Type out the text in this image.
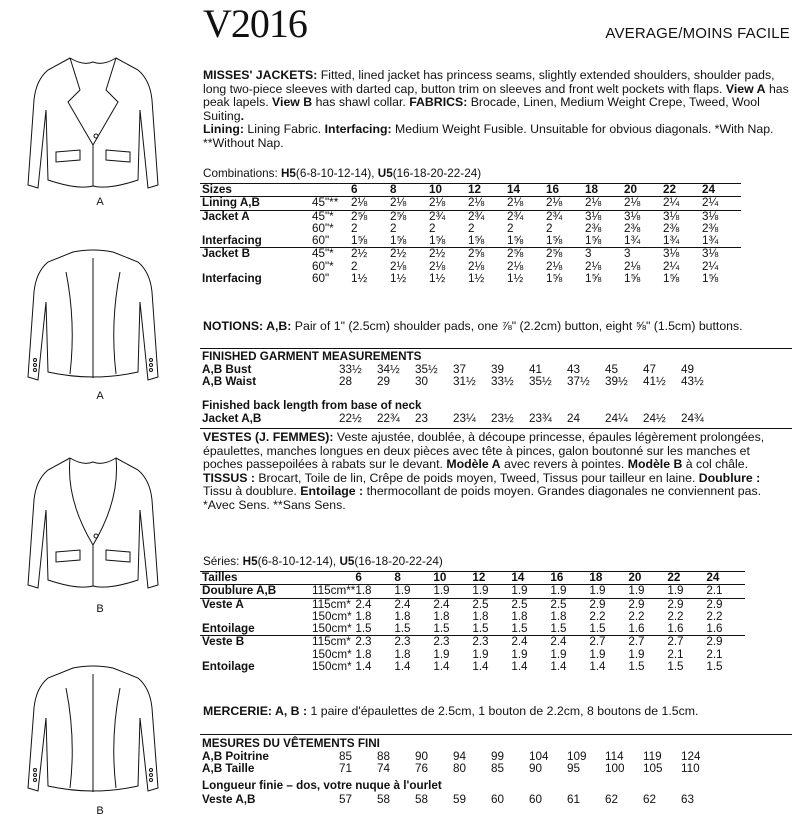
A
A
B
B
V2016	AVERAGE/MOINS FACILE
MISSES' JACKETS: Fitted, lined jacket has princess seams, slightly extended shoulders, shoulder pads, long two-piece sleeves with darted cap, button trim on sleeves and front welt pockets with flaps. View A has peak lapels. View B has shawl collar. FABRICS: Brocade, Linen, Medium Weight Crepe, Tweed, Wool Suiting.
Lining: Lining Fabric. Interfacing: Medium Weight Fusible. Unsuitable for obvious diagonals. *With Nap. **Without Nap.
Combinations: H5(6-8-10-12-14), U5(16-18-20-22-24)
Sizes		6	8	10	12	14	16	18	20	22	24
Lining A,B	45"**	2⅛	2⅛	2⅛	2⅛	2⅛	2⅛	2⅛	2⅛	2¼	2¼
Jacket A	45"*	2⅝	2⅝	2¾	2¾	2¾	2¾	3⅛	3⅛	3⅛	3⅛
	60"*	2	2	2	2	2	2	2⅜	2⅜	2⅜	2⅜
Interfacing	60"	1⅝	1⅝	1⅝	1⅝	1⅝	1⅝	1⅝	1¾	1¾	1¾
Jacket B	45"*	2½	2½	2½	2⅝	2⅝	2⅝	3	3	3⅛	3⅛
	60"*	2	2⅛	2⅛	2⅛	2⅛	2⅛	2⅛	2⅛	2¼	2¼
Interfacing	60"	1½	1½	1½	1½	1½	1⅝	1⅝	1⅝	1⅝	1⅝
NOTIONS: A,B: Pair of 1" (2.5cm) shoulder pads, one ⅞" (2.2cm) button, eight ⅝" (1.5cm) buttons.
FINISHED GARMENT MEASUREMENTS
A,B Bust	33½	34½	35½	37	39	41	43	45	47	49
A,B Waist	28	29	30	31½	33½	35½	37½	39½	41½	43½
Finished back length from base of neck
Jacket A,B	22½	22¾	23	23¼	23½	23¾	24	24¼	24½	24¾
VESTES (J. FEMMES): Veste ajustée, doublée, à découpe princesse, épaules légèrement prolongées, épaulettes, manches longues en deux pièces avec tête à pinces, galon boutonné sur les manches et poches passepoilées à rabats sur le devant. Modèle A avec revers à pointes. Modèle B à col châle. TISSUS : Brocart, Toile de lin, Crêpe de poids moyen, Tweed, Tissus pour tailleur en laine. Doublure : Tissu à doublure. Entoilage : thermocollant de poids moyen. Grandes diagonales ne conviennent pas. *Avec Sens. **Sans Sens.
Séries: H5(6-8-10-12-14), U5(16-18-20-22-24)
Tailles		6	8	10	12	14	16	18	20	22	24
Doublure A,B	115cm**	1.8	1.9	1.9	1.9	1.9	1.9	1.9	1.9	1.9	2.1
Veste A	115cm*	2.4	2.4	2.4	2.5	2.5	2.5	2.9	2.9	2.9	2.9
	150cm*	1.8	1.8	1.8	1.8	1.8	1.8	2.2	2.2	2.2	2.2
Entoilage	150cm*	1.5	1.5	1.5	1.5	1.5	1.5	1.5	1.6	1.6	1.6
Veste B	115cm*	2.3	2.3	2.3	2.3	2.4	2.4	2.7	2.7	2.7	2.9
	150cm*	1.8	1.8	1.9	1.9	1.9	1.9	1.9	1.9	2.1	2.1
Entoilage	150cm*	1.4	1.4	1.4	1.4	1.4	1.4	1.4	1.5	1.5	1.5
MERCERIE: A, B : 1 paire d'épaulettes de 2.5cm, 1 bouton de 2.2cm, 8 boutons de 1.5cm.
MESURES DU VÊTEMENTS FINI
A,B Poitrine	85	88	90	94	99	104	109	114	119	124
A,B Taille	71	74	76	80	85	90	95	100	105	110
Longueur finie – dos, votre nuque à l'ourlet
Veste A,B	57	58	58	59	60	60	61	62	62	63
